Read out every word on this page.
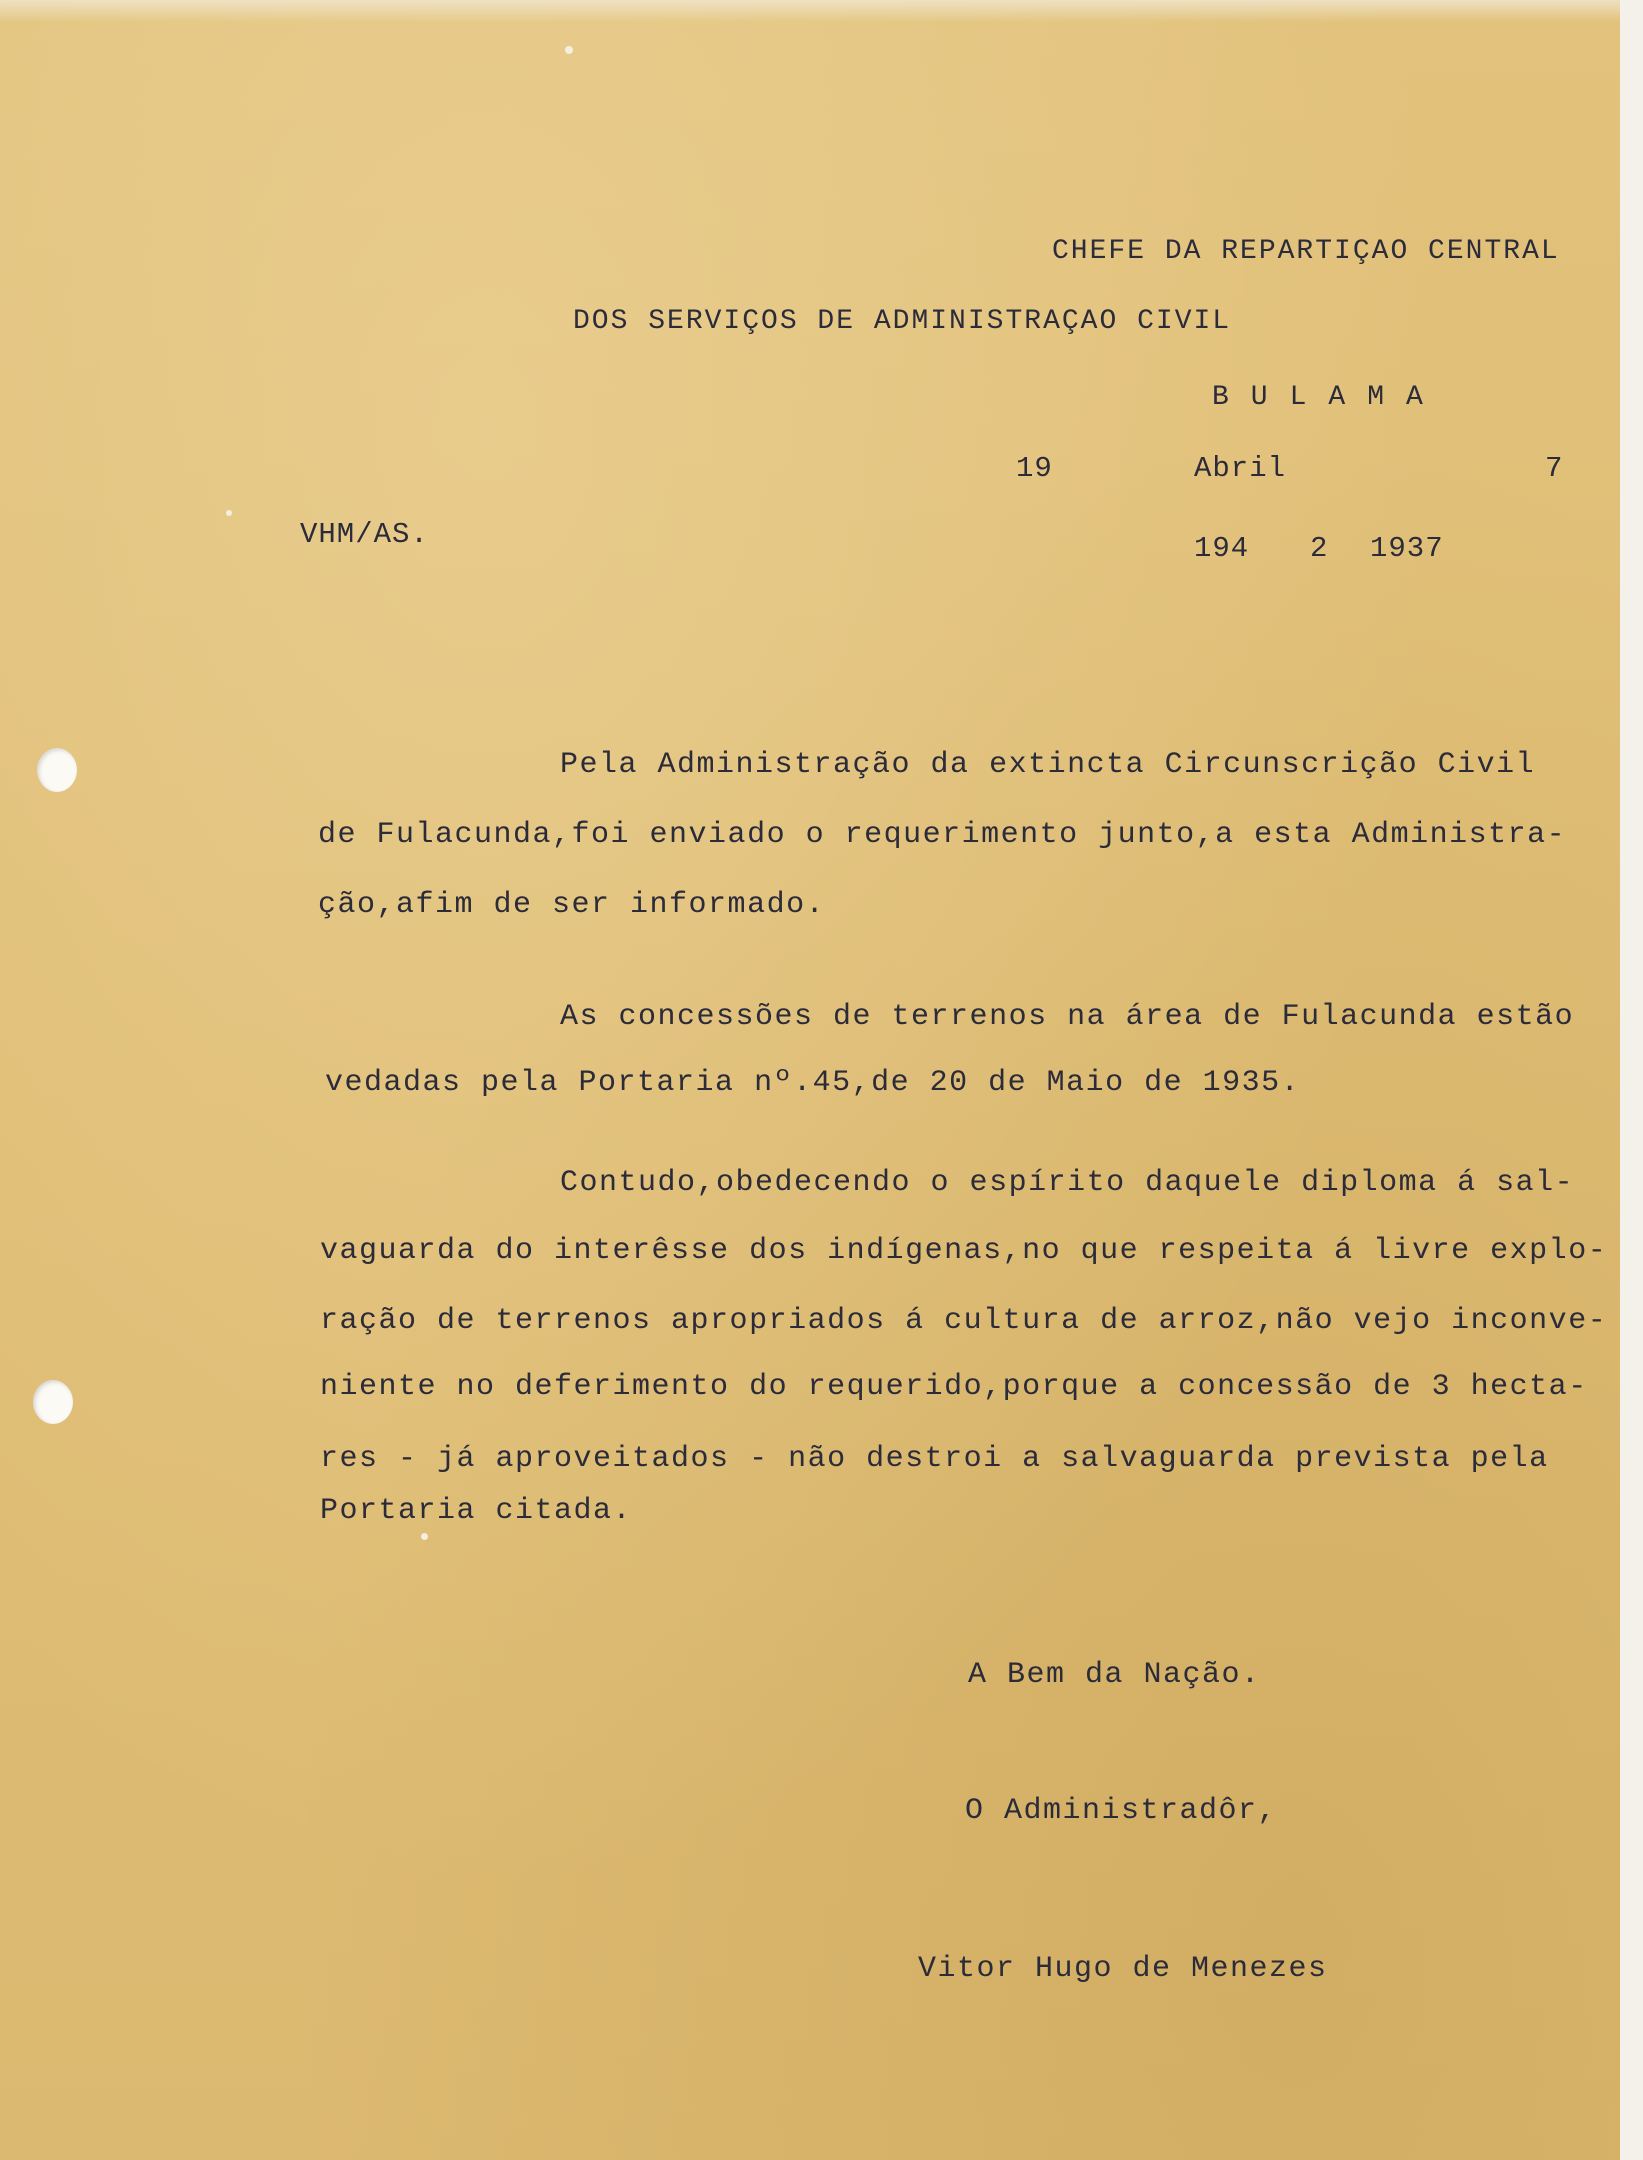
CHEFE DA REPARTIÇAO CENTRAL
DOS SERVIÇOS DE ADMINISTRAÇAO CIVIL
BULAMA
19	Abril	7
VHM/AS.	194 2 1937
Pela Administração da extincta Circunscrição Civil
de Fulacunda,foi enviado o requerimento junto,a esta Administra-
ção,afim de ser informado.
As concessões de terrenos na área de Fulacunda estão
vedadas pela Portaria nº.45,de 20 de Maio de 1935.
Contudo,obedecendo o espírito daquele diploma á sal-
vaguarda do interêsse dos indígenas,no que respeita á livre explo-
ração de terrenos apropriados á cultura de arroz,não vejo inconve-
niente no deferimento do requerido,porque a concessão de 3 hecta-
res - já aproveitados - não destroi a salvaguarda prevista pela
Portaria citada.
A Bem da Nação.
O Administradôr,
Vitor Hugo de Menezes
